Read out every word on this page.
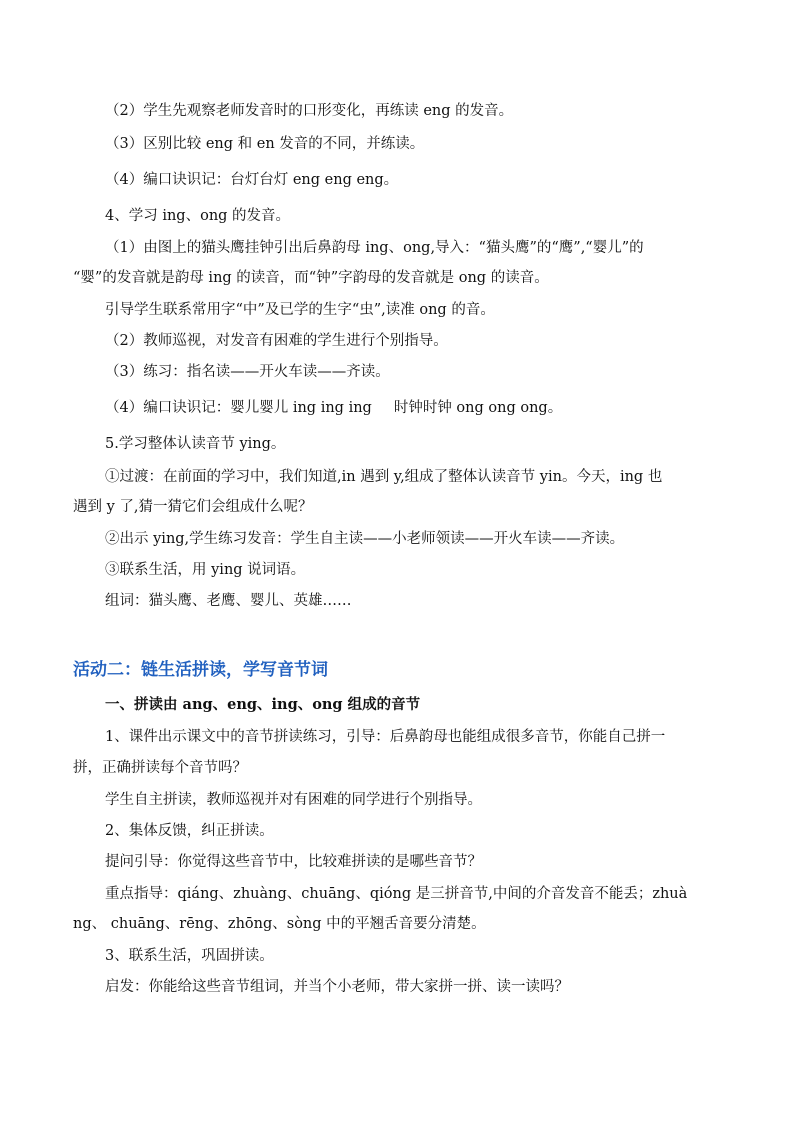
（2）学生先观察老师发音时的口形变化，再练读 eng 的发音。
（3）区别比较 eng 和 en 发音的不同，并练读。
（4）编口诀识记：台灯台灯 eng eng eng。
4、学习 ing、ong 的发音。
（1）由图上的猫头鹰挂钟引出后鼻韵母 ing、ong,导入：“猫头鹰”的“鹰”,“婴儿”的
“婴”的发音就是韵母 ing 的读音，而“钟”字韵母的发音就是 ong 的读音。
引导学生联系常用字“中”及已学的生字“虫”,读准 ong 的音。
（2）教师巡视，对发音有困难的学生进行个别指导。
（3）练习：指名读——开火车读——齐读。
（4）编口诀识记：婴儿婴儿 ing ing ing 时钟时钟 ong ong ong。
5.学习整体认读音节 ying。
①过渡：在前面的学习中，我们知道,in 遇到 y,组成了整体认读音节 yin。今天，ing 也
遇到 y 了,猜一猜它们会组成什么呢？
②出示 ying,学生练习发音：学生自主读——小老师领读——开火车读——齐读。
③联系生活，用 ying 说词语。
组词：猫头鹰、老鹰、婴儿、英雄……
活动二：链生活拼读，学写音节词
一、拼读由 ang、eng、ing、ong 组成的音节
1、课件出示课文中的音节拼读练习，引导：后鼻韵母也能组成很多音节，你能自己拼一
拼，正确拼读每个音节吗？
学生自主拼读，教师巡视并对有困难的同学进行个别指导。
2、集体反馈，纠正拼读。
提问引导：你觉得这些音节中，比较难拼读的是哪些音节？
重点指导：qiáng、zhuàng、chuāng、qióng 是三拼音节,中间的介音发音不能丢；zhuà
ng、 chuāng、rēng、zhōng、sòng 中的平翘舌音要分清楚。
3、联系生活，巩固拼读。
启发：你能给这些音节组词，并当个小老师，带大家拼一拼、读一读吗？
